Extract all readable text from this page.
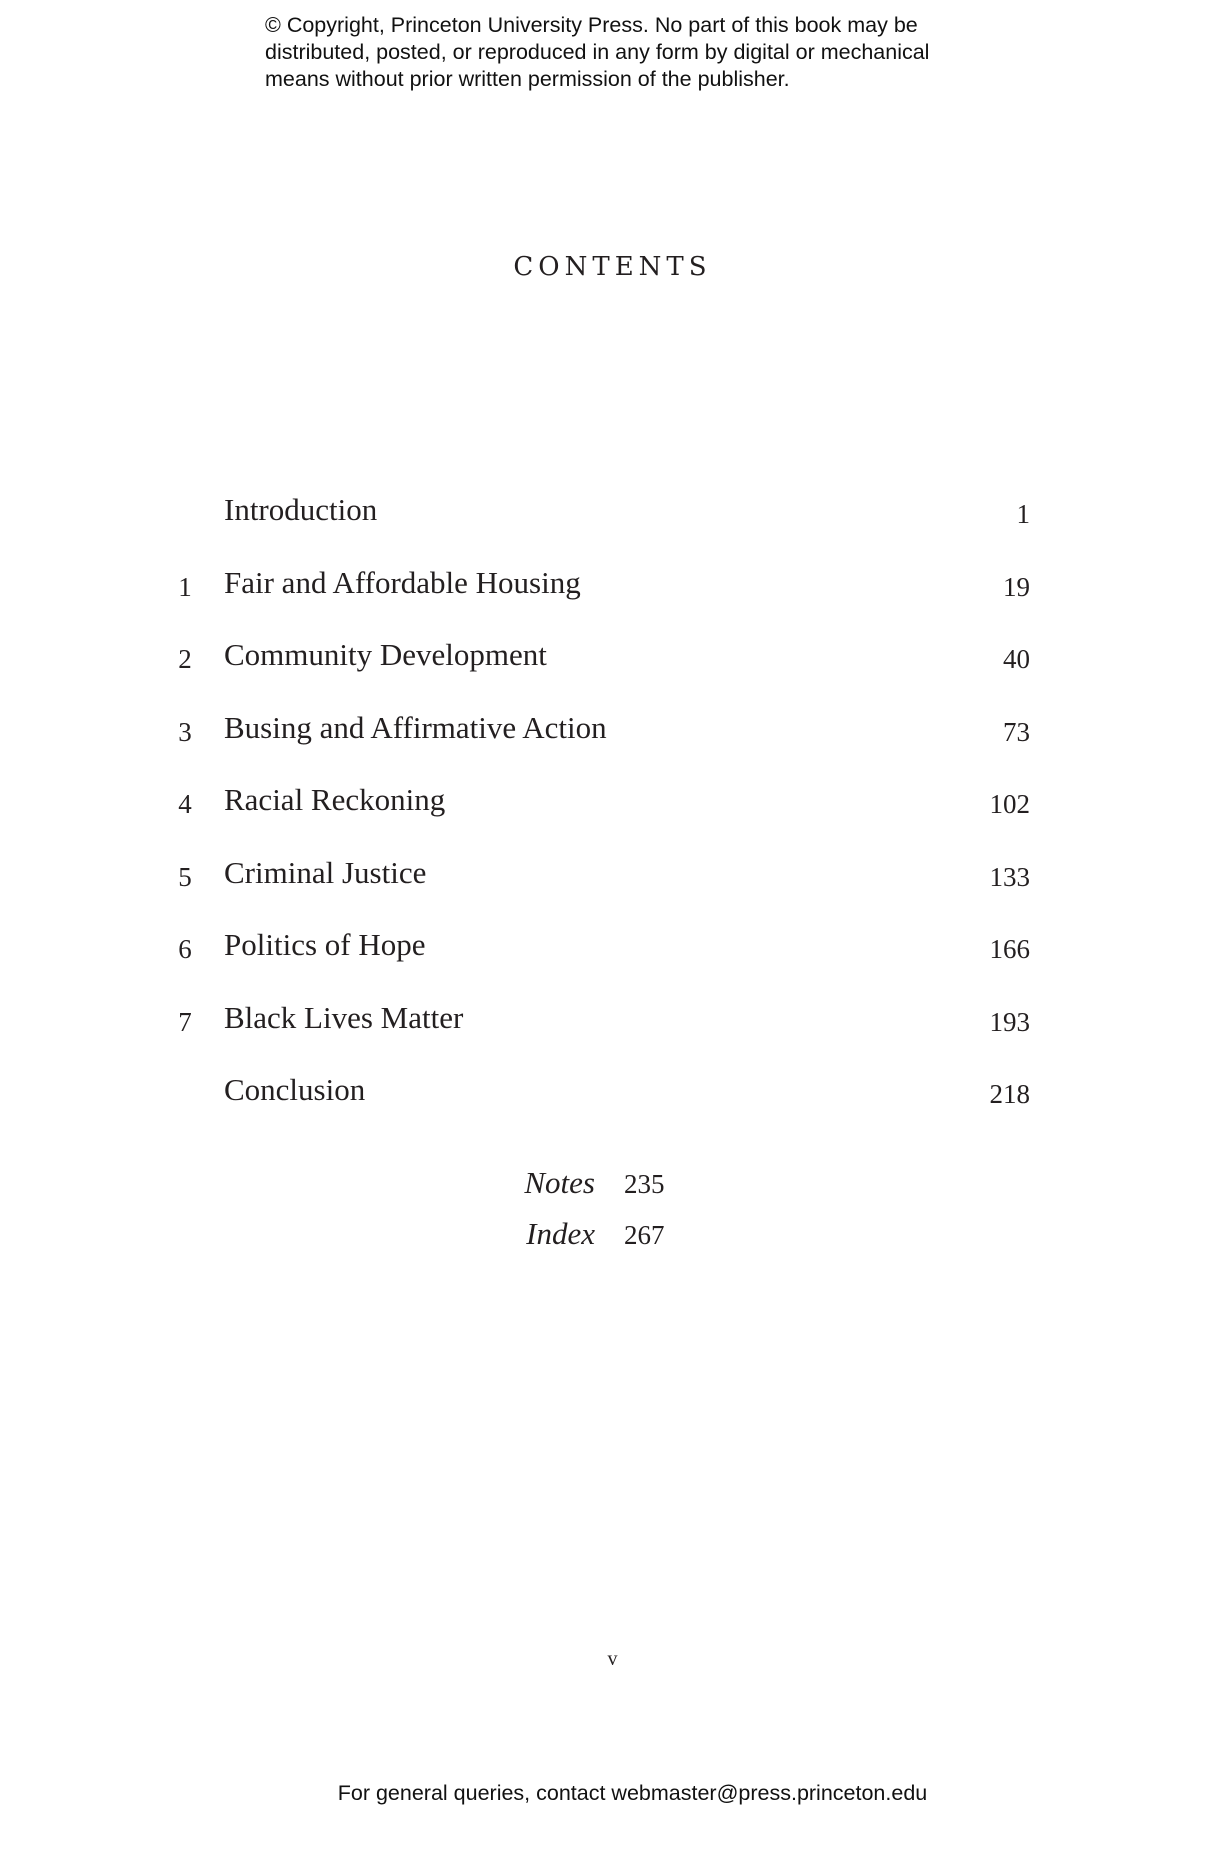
© Copyright, Princeton University Press. No part of this book may be
distributed, posted, or reproduced in any form by digital or mechanical
means without prior written permission of the publisher.
CONTENTS
Introduction	1
1 Fair and Affordable Housing	19
2 Community Development	40
3 Busing and Affirmative Action	73
4 Racial Reckoning	102
5 Criminal Justice	133
6 Politics of Hope	166
7 Black Lives Matter	193
Conclusion	218
Notes 235
Index 267
v
For general queries, contact webmaster@press.princeton.edu
